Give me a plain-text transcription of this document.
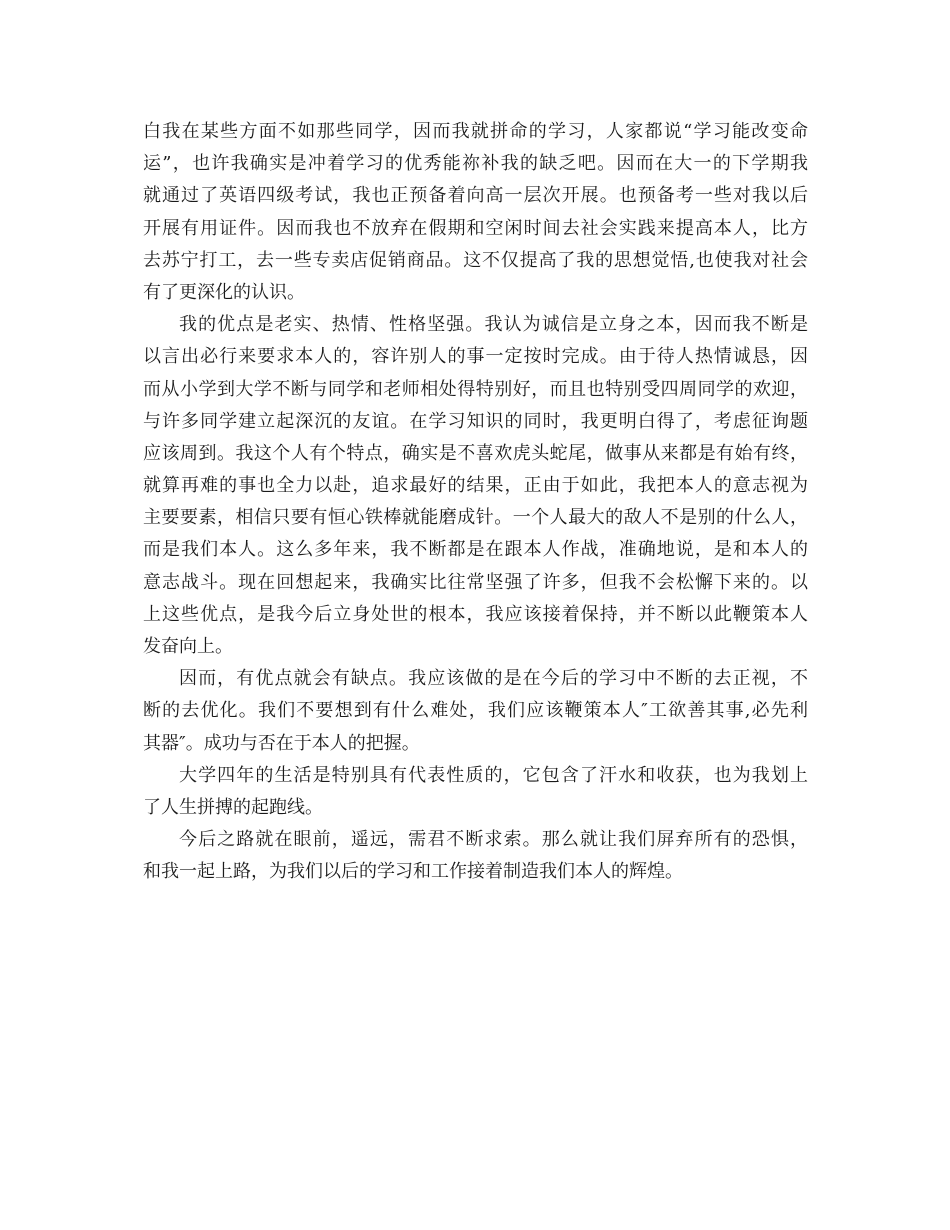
白我在某些方面不如那些同学，因而我就拼命的学习，人家都说“学习能改变命
运”，也许我确实是冲着学习的优秀能祢补我的缺乏吧。因而在大一的下学期我
就通过了英语四级考试，我也正预备着向高一层次开展。也预备考一些对我以后
开展有用证件。因而我也不放弃在假期和空闲时间去社会实践来提高本人，比方
去苏宁打工，去一些专卖店促销商品。这不仅提高了我的思想觉悟,也使我对社会
有了更深化的认识。
我的优点是老实、热情、性格坚强。我认为诚信是立身之本，因而我不断是
以言出必行来要求本人的，容许别人的事一定按时完成。由于待人热情诚恳，因
而从小学到大学不断与同学和老师相处得特别好，而且也特别受四周同学的欢迎，
与许多同学建立起深沉的友谊。在学习知识的同时，我更明白得了，考虑征询题
应该周到。我这个人有个特点，确实是不喜欢虎头蛇尾，做事从来都是有始有终，
就算再难的事也全力以赴，追求最好的结果，正由于如此，我把本人的意志视为
主要要素，相信只要有恒心铁棒就能磨成针。一个人最大的敌人不是别的什么人，
而是我们本人。这么多年来，我不断都是在跟本人作战，准确地说，是和本人的
意志战斗。现在回想起来，我确实比往常坚强了许多，但我不会松懈下来的。以
上这些优点，是我今后立身处世的根本，我应该接着保持，并不断以此鞭策本人
发奋向上。
因而，有优点就会有缺点。我应该做的是在今后的学习中不断的去正视，不
断的去优化。我们不要想到有什么难处，我们应该鞭策本人″工欲善其事,必先利
其器″。成功与否在于本人的把握。
大学四年的生活是特别具有代表性质的，它包含了汗水和收获，也为我划上
了人生拼搏的起跑线。
今后之路就在眼前，遥远，需君不断求索。那么就让我们屏弃所有的恐惧，
和我一起上路，为我们以后的学习和工作接着制造我们本人的辉煌。
